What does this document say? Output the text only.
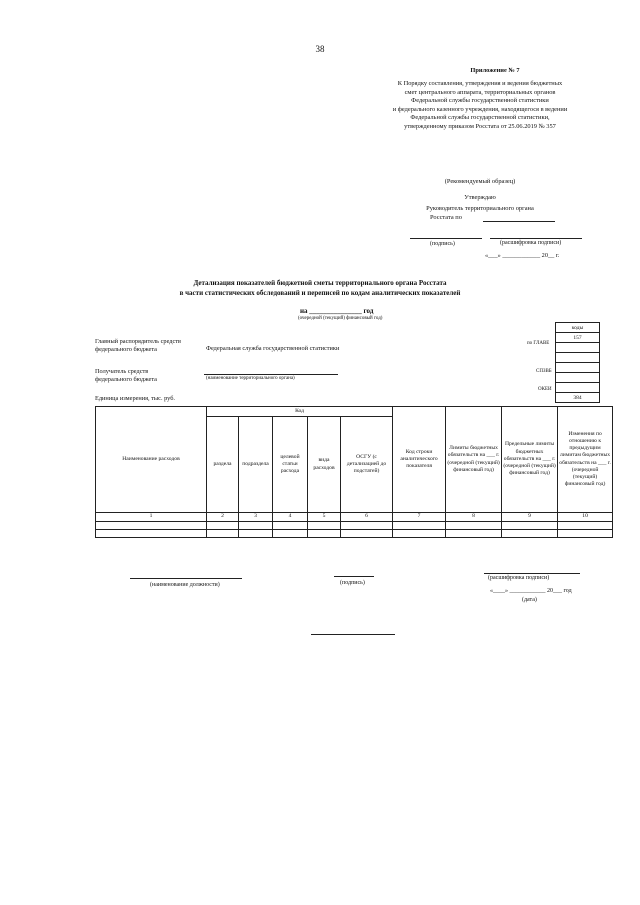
38
Приложение № 7
К Порядку составления, утверждения и ведения бюджетных
смет центрального аппарата, территориальных органов
Федеральной службы государственной статистики
и федерального казенного учреждения, находящегося в ведении
Федеральной службы государственной статистики,
утвержденному приказом Росстата от 25.06.2019 № 357
(Рекомендуемый образец)
Утверждаю
Руководитель территориального органа
Росстата по
(подпись)	(расшифровка подписи)
«___» ____________ 20__ г.
Детализация показателей бюджетной сметы территориального органа Росстата
в части статистических обследований и переписей по кодам аналитических показателей
на _______________ год
(очередной (текущий) финансовый год)
коды
157

384
по ГЛАВЕ
СПЗВБ
ОКЕИ
Главный распорядитель средств
федерального бюджета	Федеральная служба государственной статистики
Получатель средств
федерального бюджета	(наименование территориального органа)
Единица измерения, тыс. руб.
Наименование расходов	Код					Код строки аналитического показателя	Лимиты бюджетных обязательств на ___ г. (очередной (текущий) финансовый год)	Предельные лимиты бюджетных обязательств на ___ г. (очередной (текущий) финансовый год)	Изменения по отношению к предыдущим лимитам бюджетных обязательств на ___ г. (очередной (текущий) финансовый год)
	раздела	подраздела	целевой статьи расхода	вида расходов	ОСГУ (с детализацией до подстатей)				
1	2	3	4	5	6	7	8	9	10

(наименование должности)	(подпись)
(расшифровка подписи)
«____» ____________ 20___ год
(дата)
